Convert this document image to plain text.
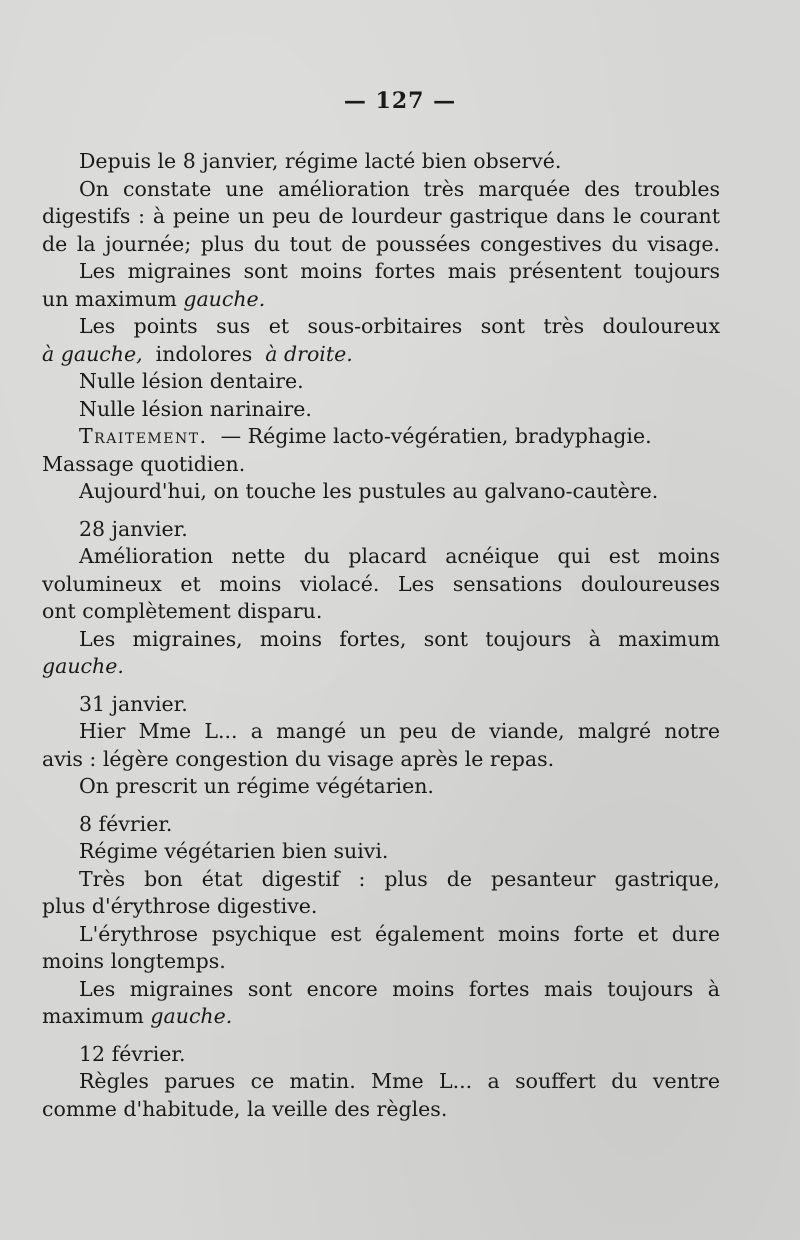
— 127 —
Depuis le 8 janvier, régime lacté bien observé.
On constate une amélioration très marquée des troubles
digestifs : à peine un peu de lourdeur gastrique dans le courant
de la journée; plus du tout de poussées congestives du visage.
Les migraines sont moins fortes mais présentent toujours
un maximum gauche.
Les points sus et sous-orbitaires sont très douloureux
à gauche, indolores à droite.
Nulle lésion dentaire.
Nulle lésion narinaire.
Traitement. — Régime lacto-végératien, bradyphagie.
Massage quotidien.
Aujourd'hui, on touche les pustules au galvano-cautère.
28 janvier.
Amélioration nette du placard acnéique qui est moins
volumineux et moins violacé. Les sensations douloureuses
ont complètement disparu.
Les migraines, moins fortes, sont toujours à maximum
gauche.
31 janvier.
Hier Mme L... a mangé un peu de viande, malgré notre
avis : légère congestion du visage après le repas.
On prescrit un régime végétarien.
8 février.
Régime végétarien bien suivi.
Très bon état digestif : plus de pesanteur gastrique,
plus d'érythrose digestive.
L'érythrose psychique est également moins forte et dure
moins longtemps.
Les migraines sont encore moins fortes mais toujours à
maximum gauche.
12 février.
Règles parues ce matin. Mme L... a souffert du ventre
comme d'habitude, la veille des règles.
